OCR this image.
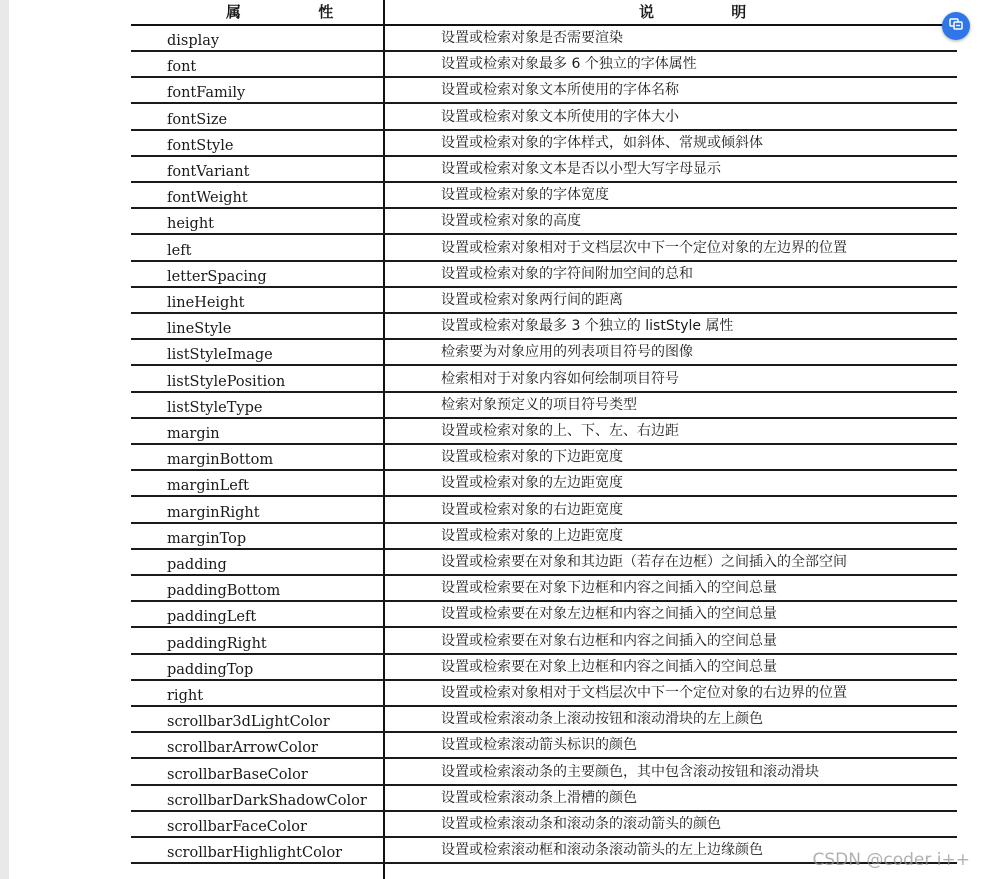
属 性	说 明
display	设置或检索对象是否需要渲染
font	设置或检索对象最多 6 个独立的字体属性
fontFamily	设置或检索对象文本所使用的字体名称
fontSize	设置或检索对象文本所使用的字体大小
fontStyle	设置或检索对象的字体样式，如斜体、常规或倾斜体
fontVariant	设置或检索对象文本是否以小型大写字母显示
fontWeight	设置或检索对象的字体宽度
height	设置或检索对象的高度
left	设置或检索对象相对于文档层次中下一个定位对象的左边界的位置
letterSpacing	设置或检索对象的字符间附加空间的总和
lineHeight	设置或检索对象两行间的距离
lineStyle	设置或检索对象最多 3 个独立的 listStyle 属性
listStyleImage	检索要为对象应用的列表项目符号的图像
listStylePosition	检索相对于对象内容如何绘制项目符号
listStyleType	检索对象预定义的项目符号类型
margin	设置或检索对象的上、下、左、右边距
marginBottom	设置或检索对象的下边距宽度
marginLeft	设置或检索对象的左边距宽度
marginRight	设置或检索对象的右边距宽度
marginTop	设置或检索对象的上边距宽度
padding	设置或检索要在对象和其边距（若存在边框）之间插入的全部空间
paddingBottom	设置或检索要在对象下边框和内容之间插入的空间总量
paddingLeft	设置或检索要在对象左边框和内容之间插入的空间总量
paddingRight	设置或检索要在对象右边框和内容之间插入的空间总量
paddingTop	设置或检索要在对象上边框和内容之间插入的空间总量
right	设置或检索对象相对于文档层次中下一个定位对象的右边界的位置
scrollbar3dLightColor	设置或检索滚动条上滚动按钮和滚动滑块的左上颜色
scrollbarArrowColor	设置或检索滚动箭头标识的颜色
scrollbarBaseColor	设置或检索滚动条的主要颜色，其中包含滚动按钮和滚动滑块
scrollbarDarkShadowColor	设置或检索滚动条上滑槽的颜色
scrollbarFaceColor	设置或检索滚动条和滚动条的滚动箭头的颜色
scrollbarHighlightColor	设置或检索滚动框和滚动条滚动箭头的左上边缘颜色	CSDN @coder i++
